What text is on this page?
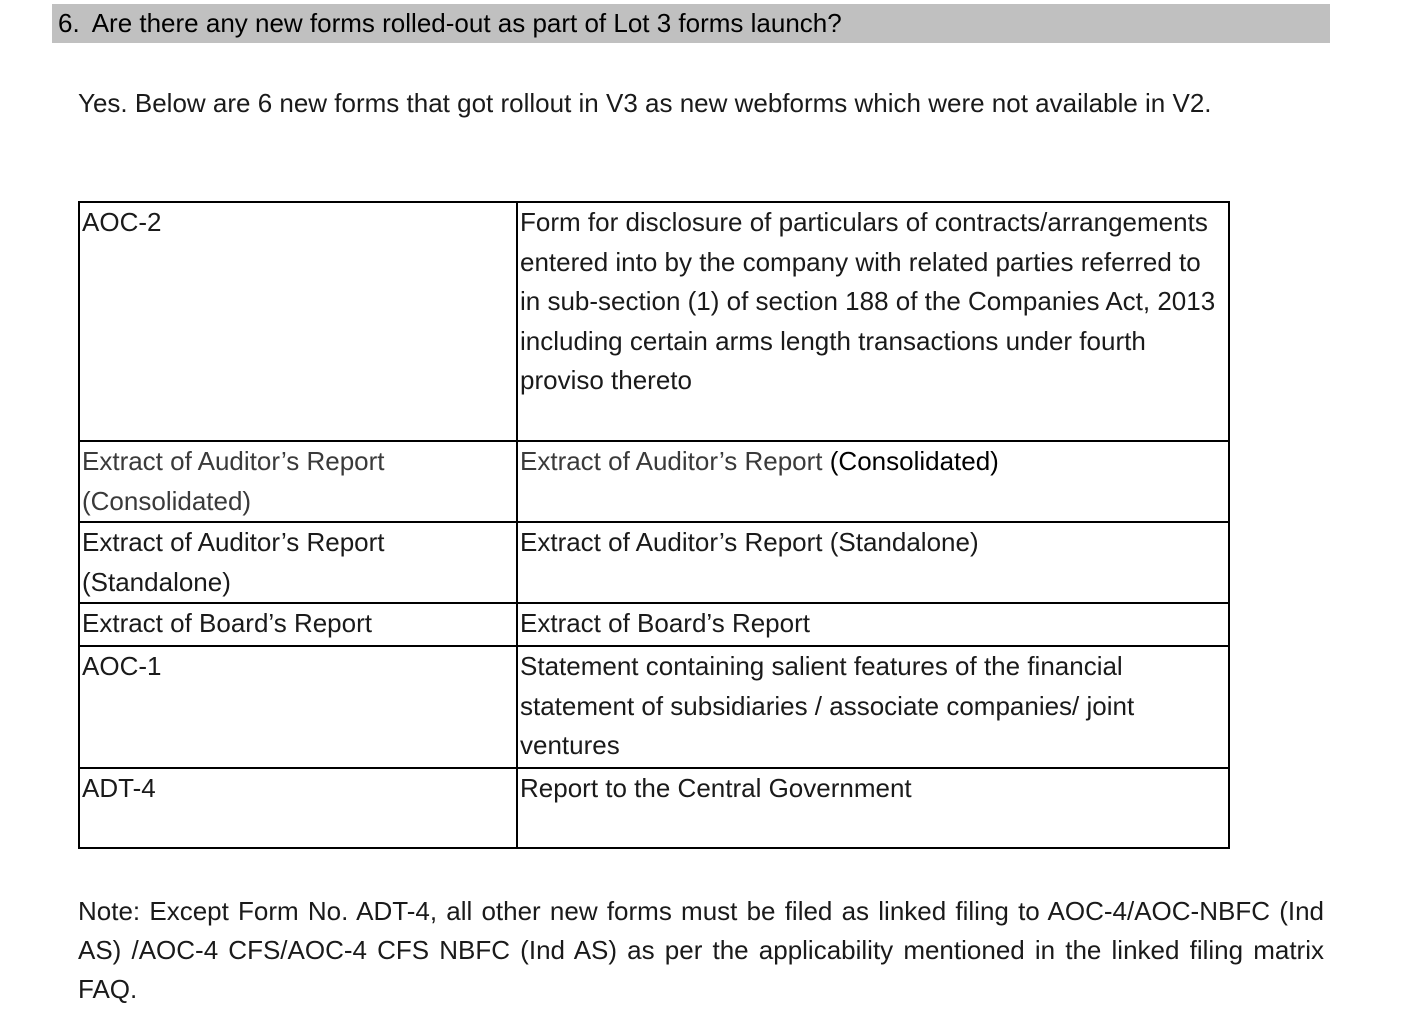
6. Are there any new forms rolled-out as part of Lot 3 forms launch?
Yes. Below are 6 new forms that got rollout in V3 as new webforms which were not available in V2.
AOC-2	Form for disclosure of particulars of contracts/arrangements entered into by the company with related parties referred to in sub-section (1) of section 188 of the Companies Act, 2013 including certain arms length transactions under fourth proviso thereto
Extract of Auditor’s Report (Consolidated)	Extract of Auditor’s Report (Consolidated)
Extract of Auditor’s Report (Standalone)	Extract of Auditor’s Report (Standalone)
Extract of Board’s Report	Extract of Board’s Report
AOC-1	Statement containing salient features of the financial statement of subsidiaries / associate companies/ joint ventures
ADT-4	Report to the Central Government
Note: Except Form No. ADT-4, all other new forms must be filed as linked filing to AOC-4/AOC-NBFC (Ind AS) /AOC-4 CFS/AOC-4 CFS NBFC (Ind AS) as per the applicability mentioned in the linked filing matrix FAQ.
